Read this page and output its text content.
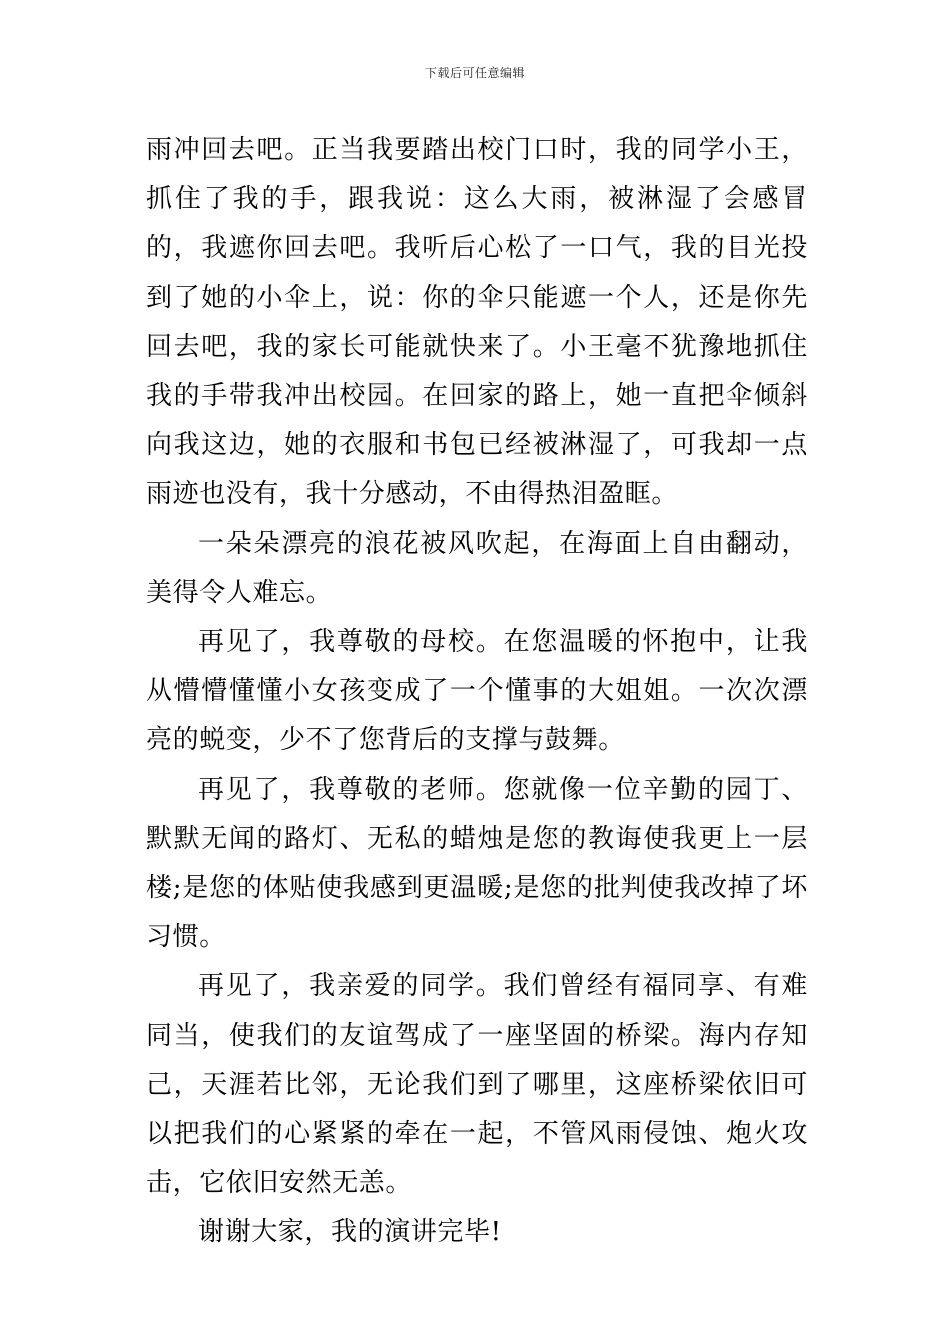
下载后可任意编辑

雨冲回去吧。正当我要踏出校门口时，我的同学小王，抓住了我的手，跟我说：这么大雨，被淋湿了会感冒的，我遮你回去吧。我听后心松了一口气，我的目光投到了她的小伞上，说：你的伞只能遮一个人，还是你先回去吧，我的家长可能就快来了。小王毫不犹豫地抓住我的手带我冲出校园。在回家的路上，她一直把伞倾斜向我这边，她的衣服和书包已经被淋湿了，可我却一点雨迹也没有，我十分感动，不由得热泪盈眶。

一朵朵漂亮的浪花被风吹起，在海面上自由翻动，美得令人难忘。

再见了，我尊敬的母校。在您温暖的怀抱中，让我从懵懵懂懂小女孩变成了一个懂事的大姐姐。一次次漂亮的蜕变，少不了您背后的支撑与鼓舞。

再见了，我尊敬的老师。您就像一位辛勤的园丁、默默无闻的路灯、无私的蜡烛是您的教诲使我更上一层楼;是您的体贴使我感到更温暖;是您的批判使我改掉了坏习惯。

再见了，我亲爱的同学。我们曾经有福同享、有难同当，使我们的友谊驾成了一座坚固的桥梁。海内存知己，天涯若比邻，无论我们到了哪里，这座桥梁依旧可以把我们的心紧紧的牵在一起，不管风雨侵蚀、炮火攻击，它依旧安然无恙。

谢谢大家，我的演讲完毕!
